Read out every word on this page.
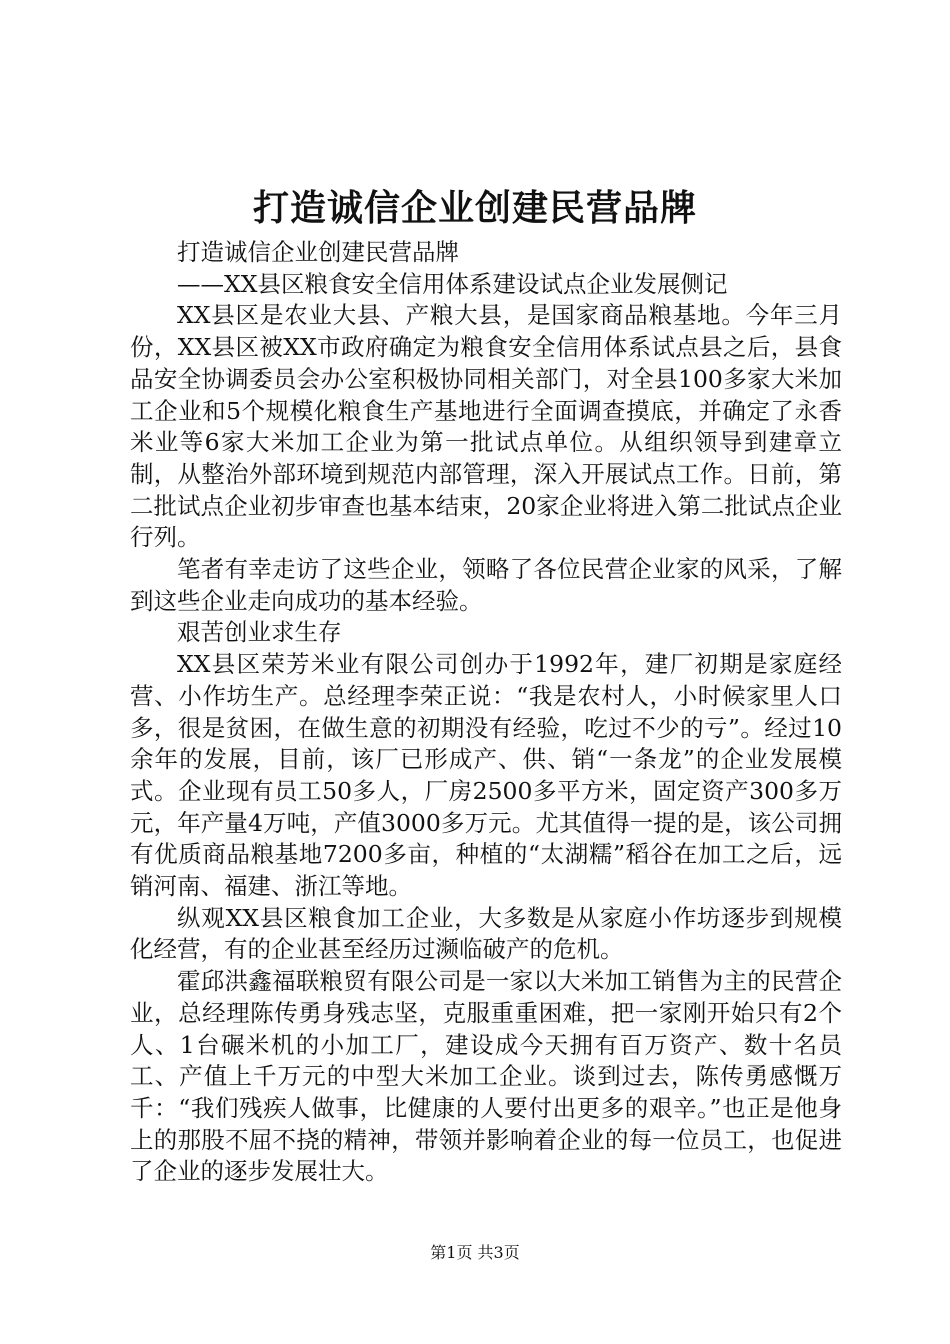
打造诚信企业创建民营品牌

打造诚信企业创建民营品牌

——XX县区粮食安全信用体系建设试点企业发展侧记

XX县区是农业大县、产粮大县，是国家商品粮基地。今年三月份，XX县区被XX市政府确定为粮食安全信用体系试点县之后，县食品安全协调委员会办公室积极协同相关部门，对全县100多家大米加工企业和5个规模化粮食生产基地进行全面调查摸底，并确定了永香米业等6家大米加工企业为第一批试点单位。从组织领导到建章立制，从整治外部环境到规范内部管理，深入开展试点工作。日前，第二批试点企业初步审查也基本结束，20家企业将进入第二批试点企业行列。

笔者有幸走访了这些企业，领略了各位民营企业家的风采，了解到这些企业走向成功的基本经验。

艰苦创业求生存

XX县区荣芳米业有限公司创办于1992年，建厂初期是家庭经营、小作坊生产。总经理李荣正说：“我是农村人，小时候家里人口多，很是贫困，在做生意的初期没有经验，吃过不少的亏”。经过10余年的发展，目前，该厂已形成产、供、销“一条龙”的企业发展模式。企业现有员工50多人，厂房2500多平方米，固定资产300多万元，年产量4万吨，产值3000多万元。尤其值得一提的是，该公司拥有优质商品粮基地7200多亩，种植的“太湖糯”稻谷在加工之后，远销河南、福建、浙江等地。

纵观XX县区粮食加工企业，大多数是从家庭小作坊逐步到规模化经营，有的企业甚至经历过濒临破产的危机。

霍邱洪鑫福联粮贸有限公司是一家以大米加工销售为主的民营企业，总经理陈传勇身残志坚，克服重重困难，把一家刚开始只有2个人、1台碾米机的小加工厂，建设成今天拥有百万资产、数十名员工、产值上千万元的中型大米加工企业。谈到过去，陈传勇感慨万千：“我们残疾人做事，比健康的人要付出更多的艰辛。”也正是他身上的那股不屈不挠的精神，带领并影响着企业的每一位员工，也促进了企业的逐步发展壮大。

第1页 共3页
